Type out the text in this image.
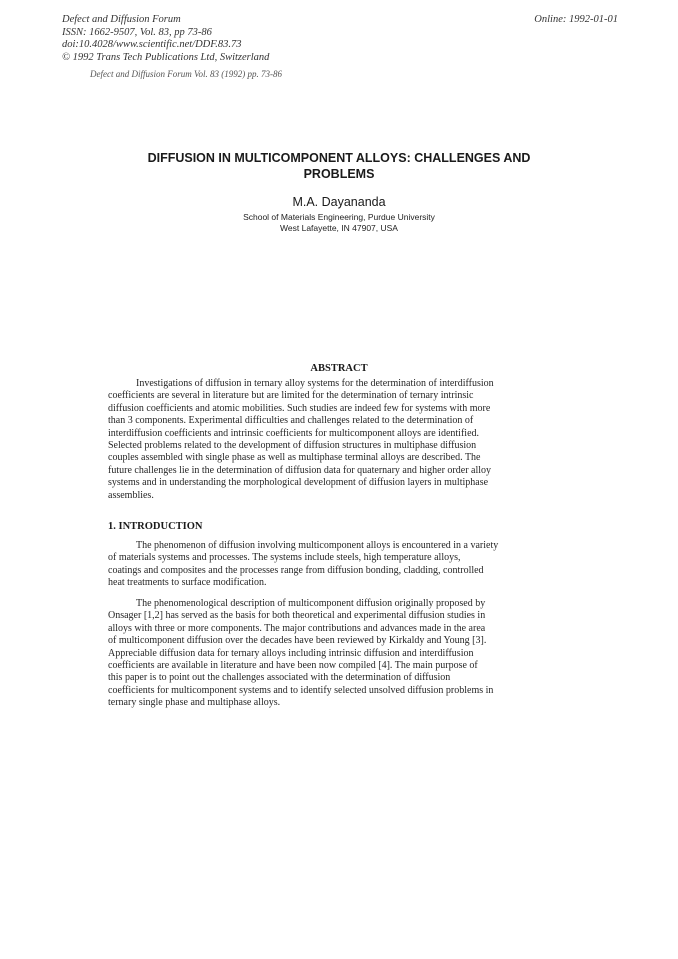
Defect and Diffusion Forum
ISSN: 1662-9507, Vol. 83, pp 73-86
doi:10.4028/www.scientific.net/DDF.83.73
© 1992 Trans Tech Publications Ltd, Switzerland
Online: 1992-01-01
Defect and Diffusion Forum Vol. 83 (1992) pp. 73-86
DIFFUSION IN MULTICOMPONENT ALLOYS: CHALLENGES AND
PROBLEMS
M.A. Dayananda
School of Materials Engineering, Purdue University
West Lafayette, IN 47907, USA
ABSTRACT
Investigations of diffusion in ternary alloy systems for the determination of interdiffusion
coefficients are several in literature but are limited for the determination of ternary intrinsic
diffusion coefficients and atomic mobilities. Such studies are indeed few for systems with more
than 3 components. Experimental difficulties and challenges related to the determination of
interdiffusion coefficients and intrinsic coefficients for multicomponent alloys are identified.
Selected problems related to the development of diffusion structures in multiphase diffusion
couples assembled with single phase as well as multiphase terminal alloys are described. The
future challenges lie in the determination of diffusion data for quaternary and higher order alloy
systems and in understanding the morphological development of diffusion layers in multiphase
assemblies.
1. INTRODUCTION
The phenomenon of diffusion involving multicomponent alloys is encountered in a variety
of materials systems and processes. The systems include steels, high temperature alloys,
coatings and composites and the processes range from diffusion bonding, cladding, controlled
heat treatments to surface modification.
The phenomenological description of multicomponent diffusion originally proposed by
Onsager [1,2] has served as the basis for both theoretical and experimental diffusion studies in
alloys with three or more components. The major contributions and advances made in the area
of multicomponent diffusion over the decades have been reviewed by Kirkaldy and Young [3].
Appreciable diffusion data for ternary alloys including intrinsic diffusion and interdiffusion
coefficients are available in literature and have been now compiled [4]. The main purpose of
this paper is to point out the challenges associated with the determination of diffusion
coefficients for multicomponent systems and to identify selected unsolved diffusion problems in
ternary single phase and multiphase alloys.
